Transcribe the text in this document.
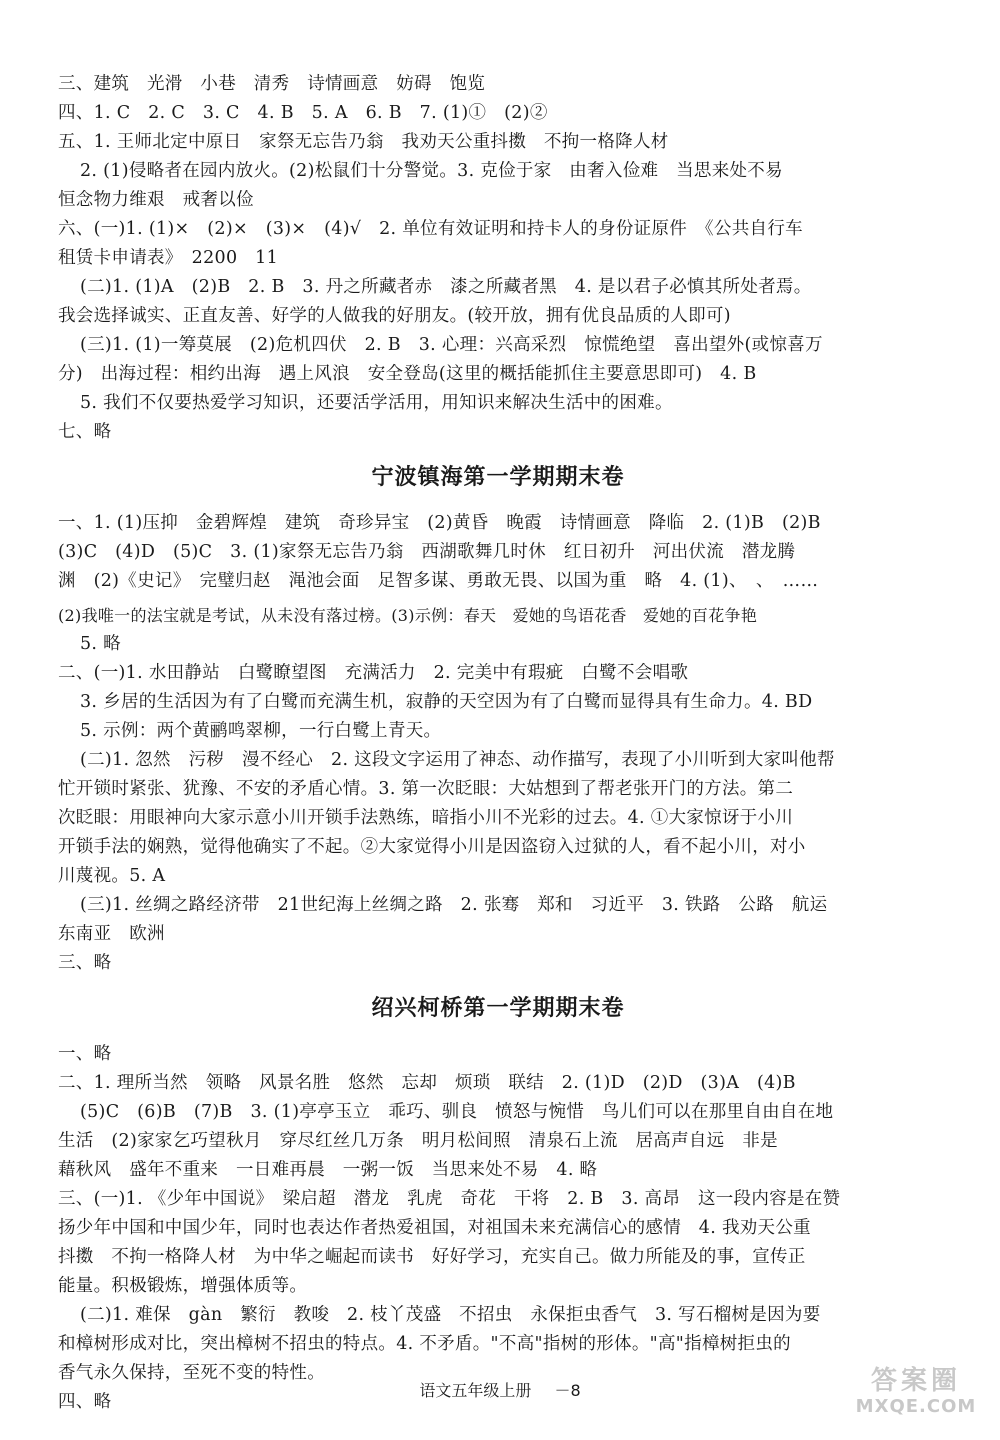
三、建筑　光滑　小巷　清秀　诗情画意　妨碍　饱览
四、1. C　2. C　3. C　4. B　5. A　6. B　7. (1)①　(2)②
五、1. 王师北定中原日　家祭无忘告乃翁　我劝天公重抖擞　不拘一格降人材
2. (1)侵略者在园内放火。(2)松鼠们十分警觉。3. 克俭于家　由奢入俭难　当思来处不易
恒念物力维艰　戒奢以俭
六、(一)1. (1)×　(2)×　(3)×　(4)√　2. 单位有效证明和持卡人的身份证原件　《公共自行车
租赁卡申请表》　2200　11
(二)1. (1)A　(2)B　2. B　3. 丹之所藏者赤　漆之所藏者黑　4. 是以君子必慎其所处者焉。
我会选择诚实、正直友善、好学的人做我的好朋友。(较开放，拥有优良品质的人即可)
(三)1. (1)一筹莫展　(2)危机四伏　2. B　3. 心理：兴高采烈　惊慌绝望　喜出望外(或惊喜万
分)　出海过程：相约出海　遇上风浪　安全登岛(这里的概括能抓住主要意思即可)　4. B
5. 我们不仅要热爱学习知识，还要活学活用，用知识来解决生活中的困难。
七、略
宁波镇海第一学期期末卷
一、1. (1)压抑　金碧辉煌　建筑　奇珍异宝　(2)黄昏　晚霞　诗情画意　降临　2. (1)B　(2)B
(3)C　(4)D　(5)C　3. (1)家祭无忘告乃翁　西湖歌舞几时休　红日初升　河出伏流　潜龙腾
渊　(2)《史记》　完璧归赵　渑池会面　足智多谋、勇敢无畏、以国为重　略　4. (1)、　、　……
(2)我唯一的法宝就是考试，从未没有落过榜。(3)示例：春天　爱她的鸟语花香　爱她的百花争艳
5. 略
二、(一)1. 水田静站　白鹭瞭望图　充满活力　2. 完美中有瑕疵　白鹭不会唱歌
3. 乡居的生活因为有了白鹭而充满生机，寂静的天空因为有了白鹭而显得具有生命力。4. BD
5. 示例：两个黄鹂鸣翠柳，一行白鹭上青天。
(二)1. 忽然　污秽　漫不经心　2. 这段文字运用了神态、动作描写，表现了小川听到大家叫他帮
忙开锁时紧张、犹豫、不安的矛盾心情。3. 第一次眨眼：大姑想到了帮老张开门的方法。第二
次眨眼：用眼神向大家示意小川开锁手法熟练，暗指小川不光彩的过去。4. ①大家惊讶于小川
开锁手法的娴熟，觉得他确实了不起。②大家觉得小川是因盗窃入过狱的人，看不起小川，对小
川蔑视。5. A
(三)1. 丝绸之路经济带　21世纪海上丝绸之路　2. 张骞　郑和　习近平　3. 铁路　公路　航运
东南亚　欧洲
三、略
绍兴柯桥第一学期期末卷
一、略
二、1. 理所当然　领略　风景名胜　悠然　忘却　烦琐　联结　2. (1)D　(2)D　(3)A　(4)B
(5)C　(6)B　(7)B　3. (1)亭亭玉立　乖巧、驯良　愤怒与惋惜　鸟儿们可以在那里自由自在地
生活　(2)家家乞巧望秋月　穿尽红丝几万条　明月松间照　清泉石上流　居高声自远　非是
藉秋风　盛年不重来　一日难再晨　一粥一饭　当思来处不易　4. 略
三、(一)1. 《少年中国说》　梁启超　潜龙　乳虎　奇花　干将　2. B　3. 高昂　这一段内容是在赞
扬少年中国和中国少年，同时也表达作者热爱祖国，对祖国未来充满信心的感情　4. 我劝天公重
抖擞　不拘一格降人材　为中华之崛起而读书　好好学习，充实自己。做力所能及的事，宣传正
能量。积极锻炼，增强体质等。
(二)1. 难保　gàn　繁衍　教唆　2. 枝丫茂盛　不招虫　永保拒虫香气　3. 写石榴树是因为要
和樟树形成对比，突出樟树不招虫的特点。4. 不矛盾。"不高"指树的形体。"高"指樟树拒虫的
香气永久保持，至死不变的特性。
四、略
语文五年级上册 －8	答案圈
MXQE.COM
